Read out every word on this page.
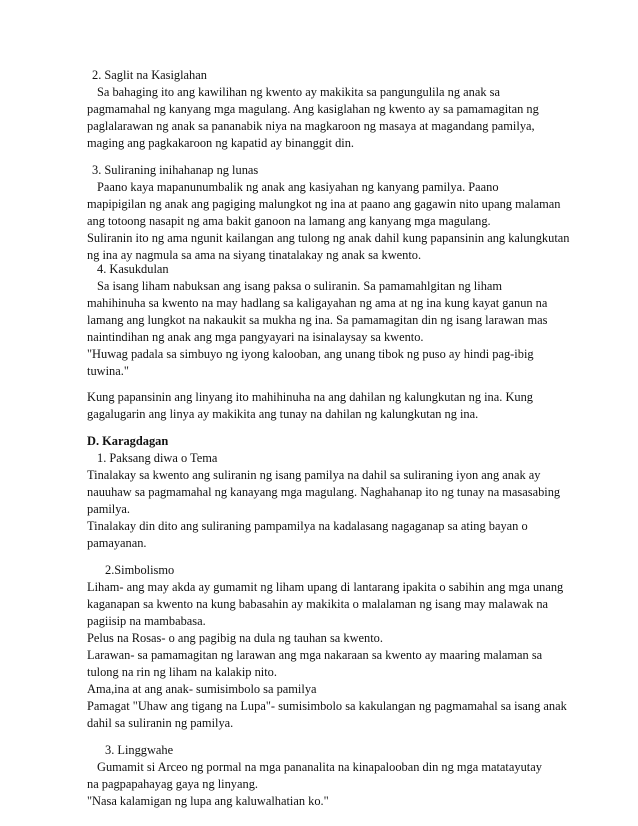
2. Saglit na Kasiglahan
Sa bahaging ito ang kawilihan ng kwento ay makikita sa pangungulila ng anak sa
pagmamahal ng kanyang mga magulang. Ang kasiglahan ng kwento ay sa pamamagitan ng
paglalarawan ng anak sa pananabik niya na magkaroon ng masaya at magandang pamilya,
maging ang pagkakaroon ng kapatid ay binanggit din.
3. Suliraning inihahanap ng lunas
Paano kaya mapanunumbalik ng anak ang kasiyahan ng kanyang pamilya. Paano
mapipigilan ng anak ang pagiging malungkot ng ina at paano ang gagawin nito upang malaman
ang totoong nasapit ng ama bakit ganoon na lamang ang kanyang mga magulang.
Suliranin ito ng ama ngunit kailangan ang tulong ng anak dahil kung papansinin ang kalungkutan
ng ina ay nagmula sa ama na siyang tinatalakay ng anak sa kwento.
4. Kasukdulan
Sa isang liham nabuksan ang isang paksa o suliranin. Sa pamamahlgitan ng liham
mahihinuha sa kwento na may hadlang sa kaligayahan ng ama at ng ina kung kayat ganun na
lamang ang lungkot na nakaukit sa mukha ng ina. Sa pamamagitan din ng isang larawan mas
naintindihan ng anak ang mga pangyayari na isinalaysay sa kwento.
"Huwag padala sa simbuyo ng iyong kalooban, ang unang tibok ng puso ay hindi pag-ibig
tuwina."
Kung papansinin ang linyang ito mahihinuha na ang dahilan ng kalungkutan ng ina. Kung
gagalugarin ang linya ay makikita ang tunay na dahilan ng kalungkutan ng ina.
D. Karagdagan
1. Paksang diwa o Tema
Tinalakay sa kwento ang suliranin ng isang pamilya na dahil sa suliraning iyon ang anak ay
nauuhaw sa pagmamahal ng kanayang mga magulang. Naghahanap ito ng tunay na masasabing
pamilya.
Tinalakay din dito ang suliraning pampamilya na kadalasang nagaganap sa ating bayan o
pamayanan.
2.Simbolismo
Liham- ang may akda ay gumamit ng liham upang di lantarang ipakita o sabihin ang mga unang
kaganapan sa kwento na kung babasahin ay makikita o malalaman ng isang may malawak na
pagiisip na mambabasa.
Pelus na Rosas- o ang pagibig na dula ng tauhan sa kwento.
Larawan- sa pamamagitan ng larawan ang mga nakaraan sa kwento ay maaring malaman sa
tulong na rin ng liham na kalakip nito.
Ama,ina at ang anak- sumisimbolo sa pamilya
Pamagat "Uhaw ang tigang na Lupa"- sumisimbolo sa kakulangan ng pagmamahal sa isang anak
dahil sa suliranin ng pamilya.
3. Linggwahe
Gumamit si Arceo ng pormal na mga pananalita na kinapalooban din ng mga matatayutay
na pagpapahayag gaya ng linyang.
"Nasa kalamigan ng lupa ang kaluwalhatian ko."
